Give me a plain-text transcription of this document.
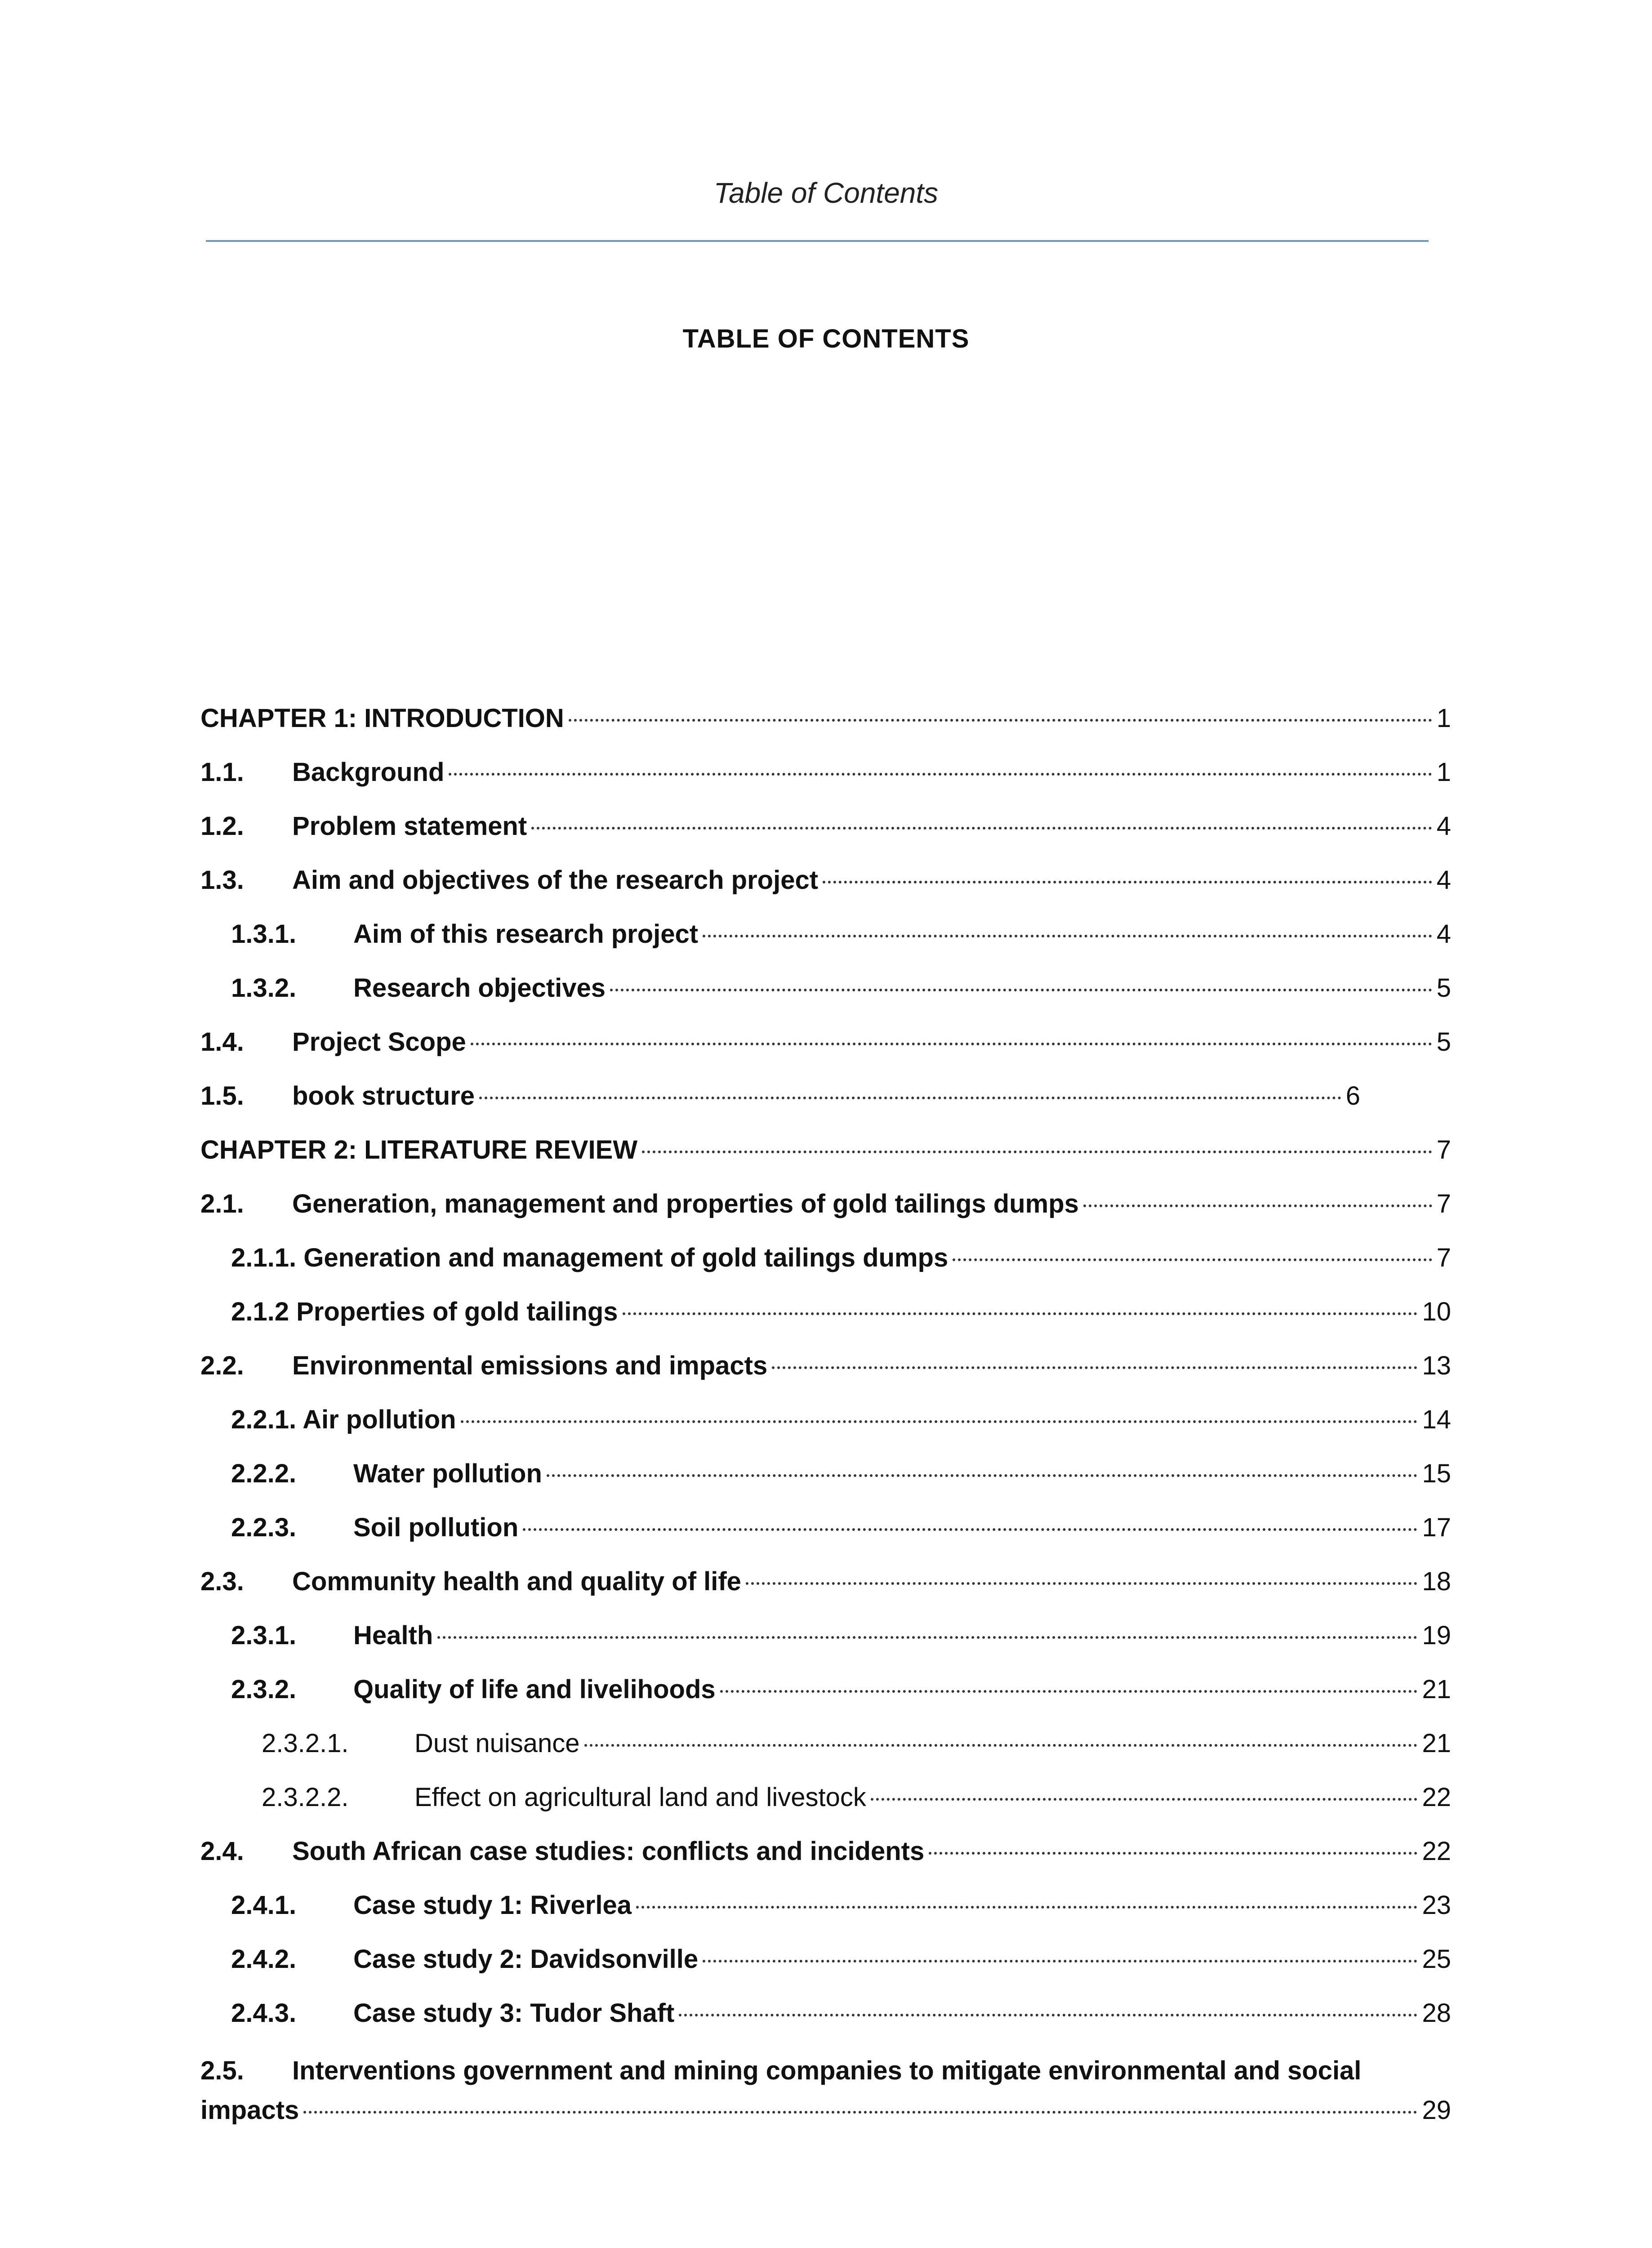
Table of Contents
TABLE OF CONTENTS
CHAPTER 1: INTRODUCTION	1
1.1.	Background	1
1.2.	Problem statement	4
1.3.	Aim and objectives of the research project	4
1.3.1.	Aim of this research project	4
1.3.2.	Research objectives	5
1.4.	Project Scope	5
1.5.	book structure	6
CHAPTER 2: LITERATURE REVIEW	7
2.1.	Generation, management and properties of gold tailings dumps	7
2.1.1. Generation and management of gold tailings dumps	7
2.1.2 Properties of gold tailings	10
2.2.	Environmental emissions and impacts	13
2.2.1. Air pollution	14
2.2.2.	Water pollution	15
2.2.3.	Soil pollution	17
2.3.	Community health and quality of life	18
2.3.1.	Health	19
2.3.2.	Quality of life and livelihoods	21
2.3.2.1.	Dust nuisance	21
2.3.2.2.	Effect on agricultural land and livestock	22
2.4.	South African case studies: conflicts and incidents	22
2.4.1.	Case study 1: Riverlea	23
2.4.2.	Case study 2: Davidsonville	25
2.4.3.	Case study 3: Tudor Shaft	28
2.5.	Interventions government and mining companies to mitigate environmental and social
impacts	29
